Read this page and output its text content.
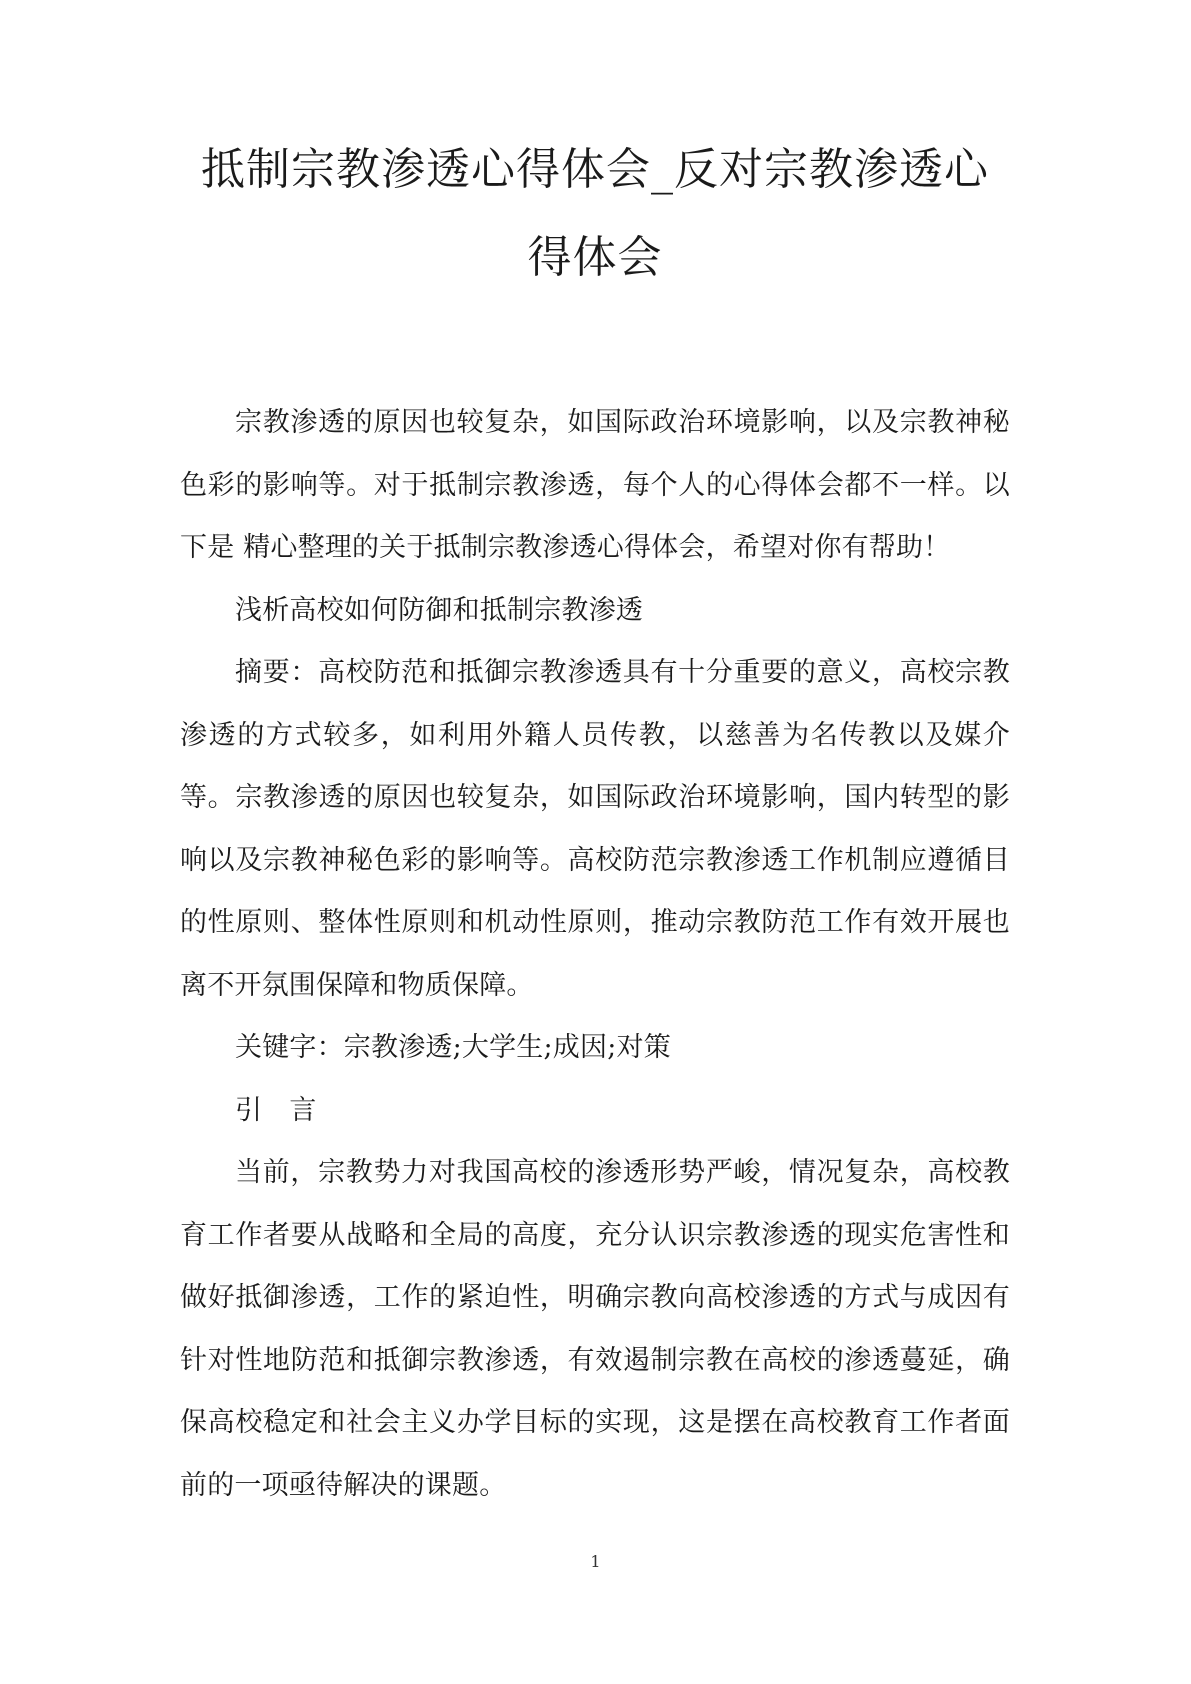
抵制宗教渗透心得体会_反对宗教渗透心
得体会

宗教渗透的原因也较复杂，如国际政治环境影响，以及宗教神秘色彩的影响等。对于抵制宗教渗透，每个人的心得体会都不一样。以下是 精心整理的关于抵制宗教渗透心得体会，希望对你有帮助！

浅析高校如何防御和抵制宗教渗透

摘要：高校防范和抵御宗教渗透具有十分重要的意义，高校宗教渗透的方式较多，如利用外籍人员传教，以慈善为名传教以及媒介等。宗教渗透的原因也较复杂，如国际政治环境影响，国内转型的影响以及宗教神秘色彩的影响等。高校防范宗教渗透工作机制应遵循目的性原则、整体性原则和机动性原则，推动宗教防范工作有效开展也离不开氛围保障和物质保障。

关键字：宗教渗透;大学生;成因;对策

引　言

当前，宗教势力对我国高校的渗透形势严峻，情况复杂，高校教育工作者要从战略和全局的高度，充分认识宗教渗透的现实危害性和做好抵御渗透，工作的紧迫性，明确宗教向高校渗透的方式与成因有针对性地防范和抵御宗教渗透，有效遏制宗教在高校的渗透蔓延，确保高校稳定和社会主义办学目标的实现，这是摆在高校教育工作者面前的一项亟待解决的课题。

1
